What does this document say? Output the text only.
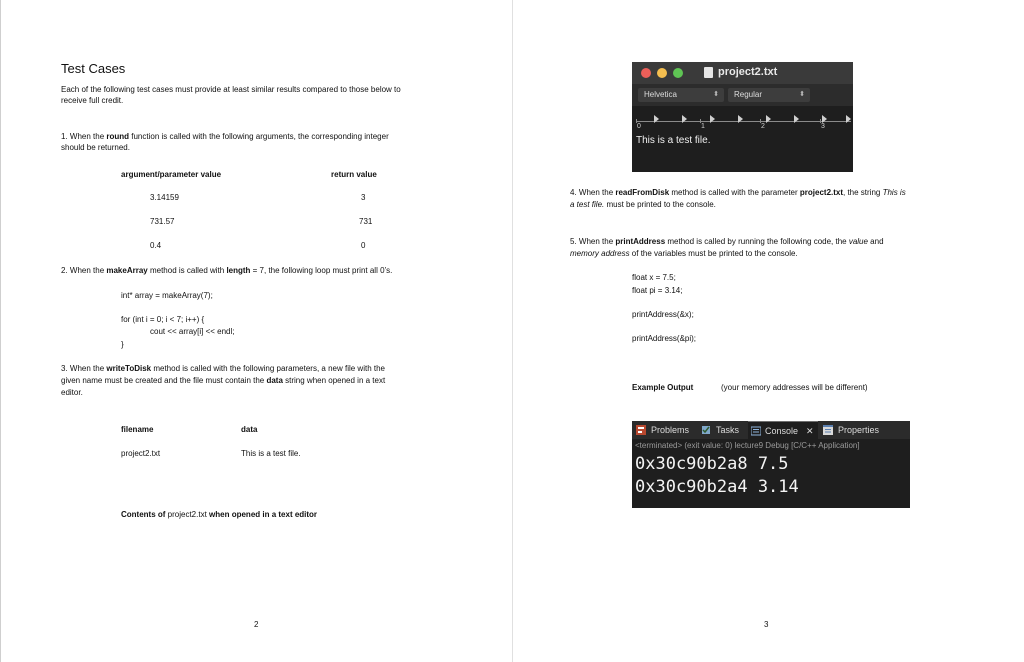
Test Cases
Each of the following test cases must provide at least similar results compared to those below to
receive full credit.
1. When the round function is called with the following arguments, the corresponding integer
should be returned.
argument/parameter value	return value
3.14159	3
731.57	731
0.4	0
2. When the makeArray method is called with length = 7, the following loop must print all 0’s.
int* array = makeArray(7);
for (int i = 0; i < 7; i++) {
cout << array[i] << endl;
}
3. When the writeToDisk method is called with the following parameters, a new file with the
given name must be created and the file must contain the data string when opened in a text
editor.
filename	data
project2.txt	This is a test file.
Contents of project2.txt when opened in a text editor
2
project2.txt
Helvetica	⬍ Regular	⬍
0	1	2	3
This is a test file.
4. When the readFromDisk method is called with the parameter project2.txt, the string This is
a test file. must be printed to the console.
5. When the printAddress method is called by running the following code, the value and
memory address of the variables must be printed to the console.
float x = 7.5;
float pi = 3.14;
printAddress(&x);
printAddress(&pi);
Example Output	(your memory addresses will be different)
Problems	Tasks	Console ✕	Properties
<terminated> (exit value: 0) lecture9 Debug [C/C++ Application]
0x30c90b2a8 7.5
0x30c90b2a4 3.14
3
